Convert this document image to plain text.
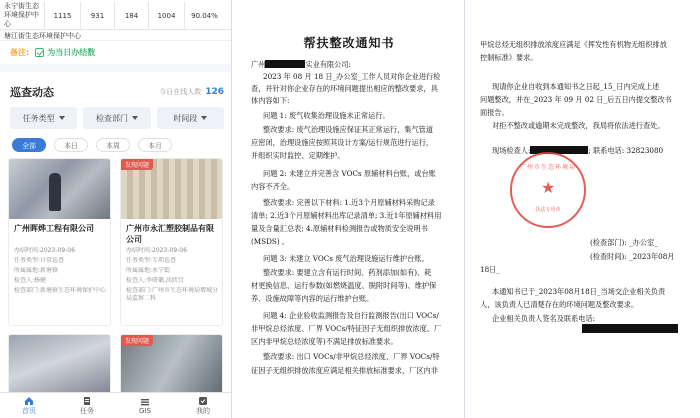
永宁街生态环境保护中心
1115	931	184	1004	90.04%
塘江街生态环境保护中心
备注: 为当日办结数
巡查动态	今日在线人数 126
任务类型	检查部门	时间段
全部	本日	本周	本月
广州晖烨工程有限公司
办结时间:2023-09-06
任务类型:日常巡查
所属属地:新塘镇
检查人:杨健
检查部门:新塘镇生态环境保护中心
发现问题
广州市永汇塑胶制品有限公司
办结时间:2023-09-06
任务类型:专项巡查
所属属地:永宁街
检查人:李研璐,高欣宜
检查部门:广州市生态环境局增城分局监察二科
发现问题
首页	任务	GIS	我的
帮扶整改通知书
广州	实业有限公司:
2023 年 08 月 18 日_办公室_工作人员对你企业进行检
查，并针对你企业存在的环境问题提出相应的整改要求，具
体内容如下:
问题 1: 废气收集治理设施未正常运行。
整改要求: 废气治理设施应保证其正常运行，集气管道
应密闭，治理设施应按照其设计方案/运行规范进行运行，
并组织实时监控、定期维护。
问题 2: 未建立并完善含 VOCs 原辅材料台账，或台账
内容不齐全。
整改要求: 完善以下材料: 1.近3个月原辅材料采购记录
清单; 2.近3个月原辅材料出库记录清单; 3.近1年原辅材料用
量及含量汇总表; 4.原辅材料检测报告或物质安全说明书
(MSDS) 。
问题 3: 未建立 VOCs 废气治理设施运行维护台账。
整改要求: 要建立含有运行时间、药剂添加(如有)、耗
材更换信息、运行参数(如燃烧温度、脱附时间等)、维护保
养、设施故障等内容的运行维护台账。
问题 4: 企业验收监测报告及自行监测报告(出口 VOCs/
非甲烷总烃浓度、厂界 VOCs/特征因子无组织排放浓度、厂
区内非甲烷总烃浓度等)不满足排放标准要求。
整改要求: 出口 VOCs/非甲烷总烃浓度、厂界 VOCs/特
征因子无组织排放浓度应满足相关排放标准要求，厂区内非
甲烷总烃无组织排放浓度应满足《挥发性有机物无组织排放
控制标准》要求。
现请你企业自收到本通知书之日起_15_日内完成上述
问题整改，并在_2023 年 09 月 02 日_后五日内提交整改书
面报告。
对拒不整改或逾期未完成整改，我局将依法进行查处。
现场检查人:	; 联系电话: 32823080
广州市生态环境局
★
执法专用章
(检查部门): _办公室_
(检查时间): _2023年08月
18日_
本通知书已于_2023年08月18日_当场交企业相关负责
人，该负责人已清楚存在的环境问题及整改要求。
企业相关负责人签名及联系电话:
